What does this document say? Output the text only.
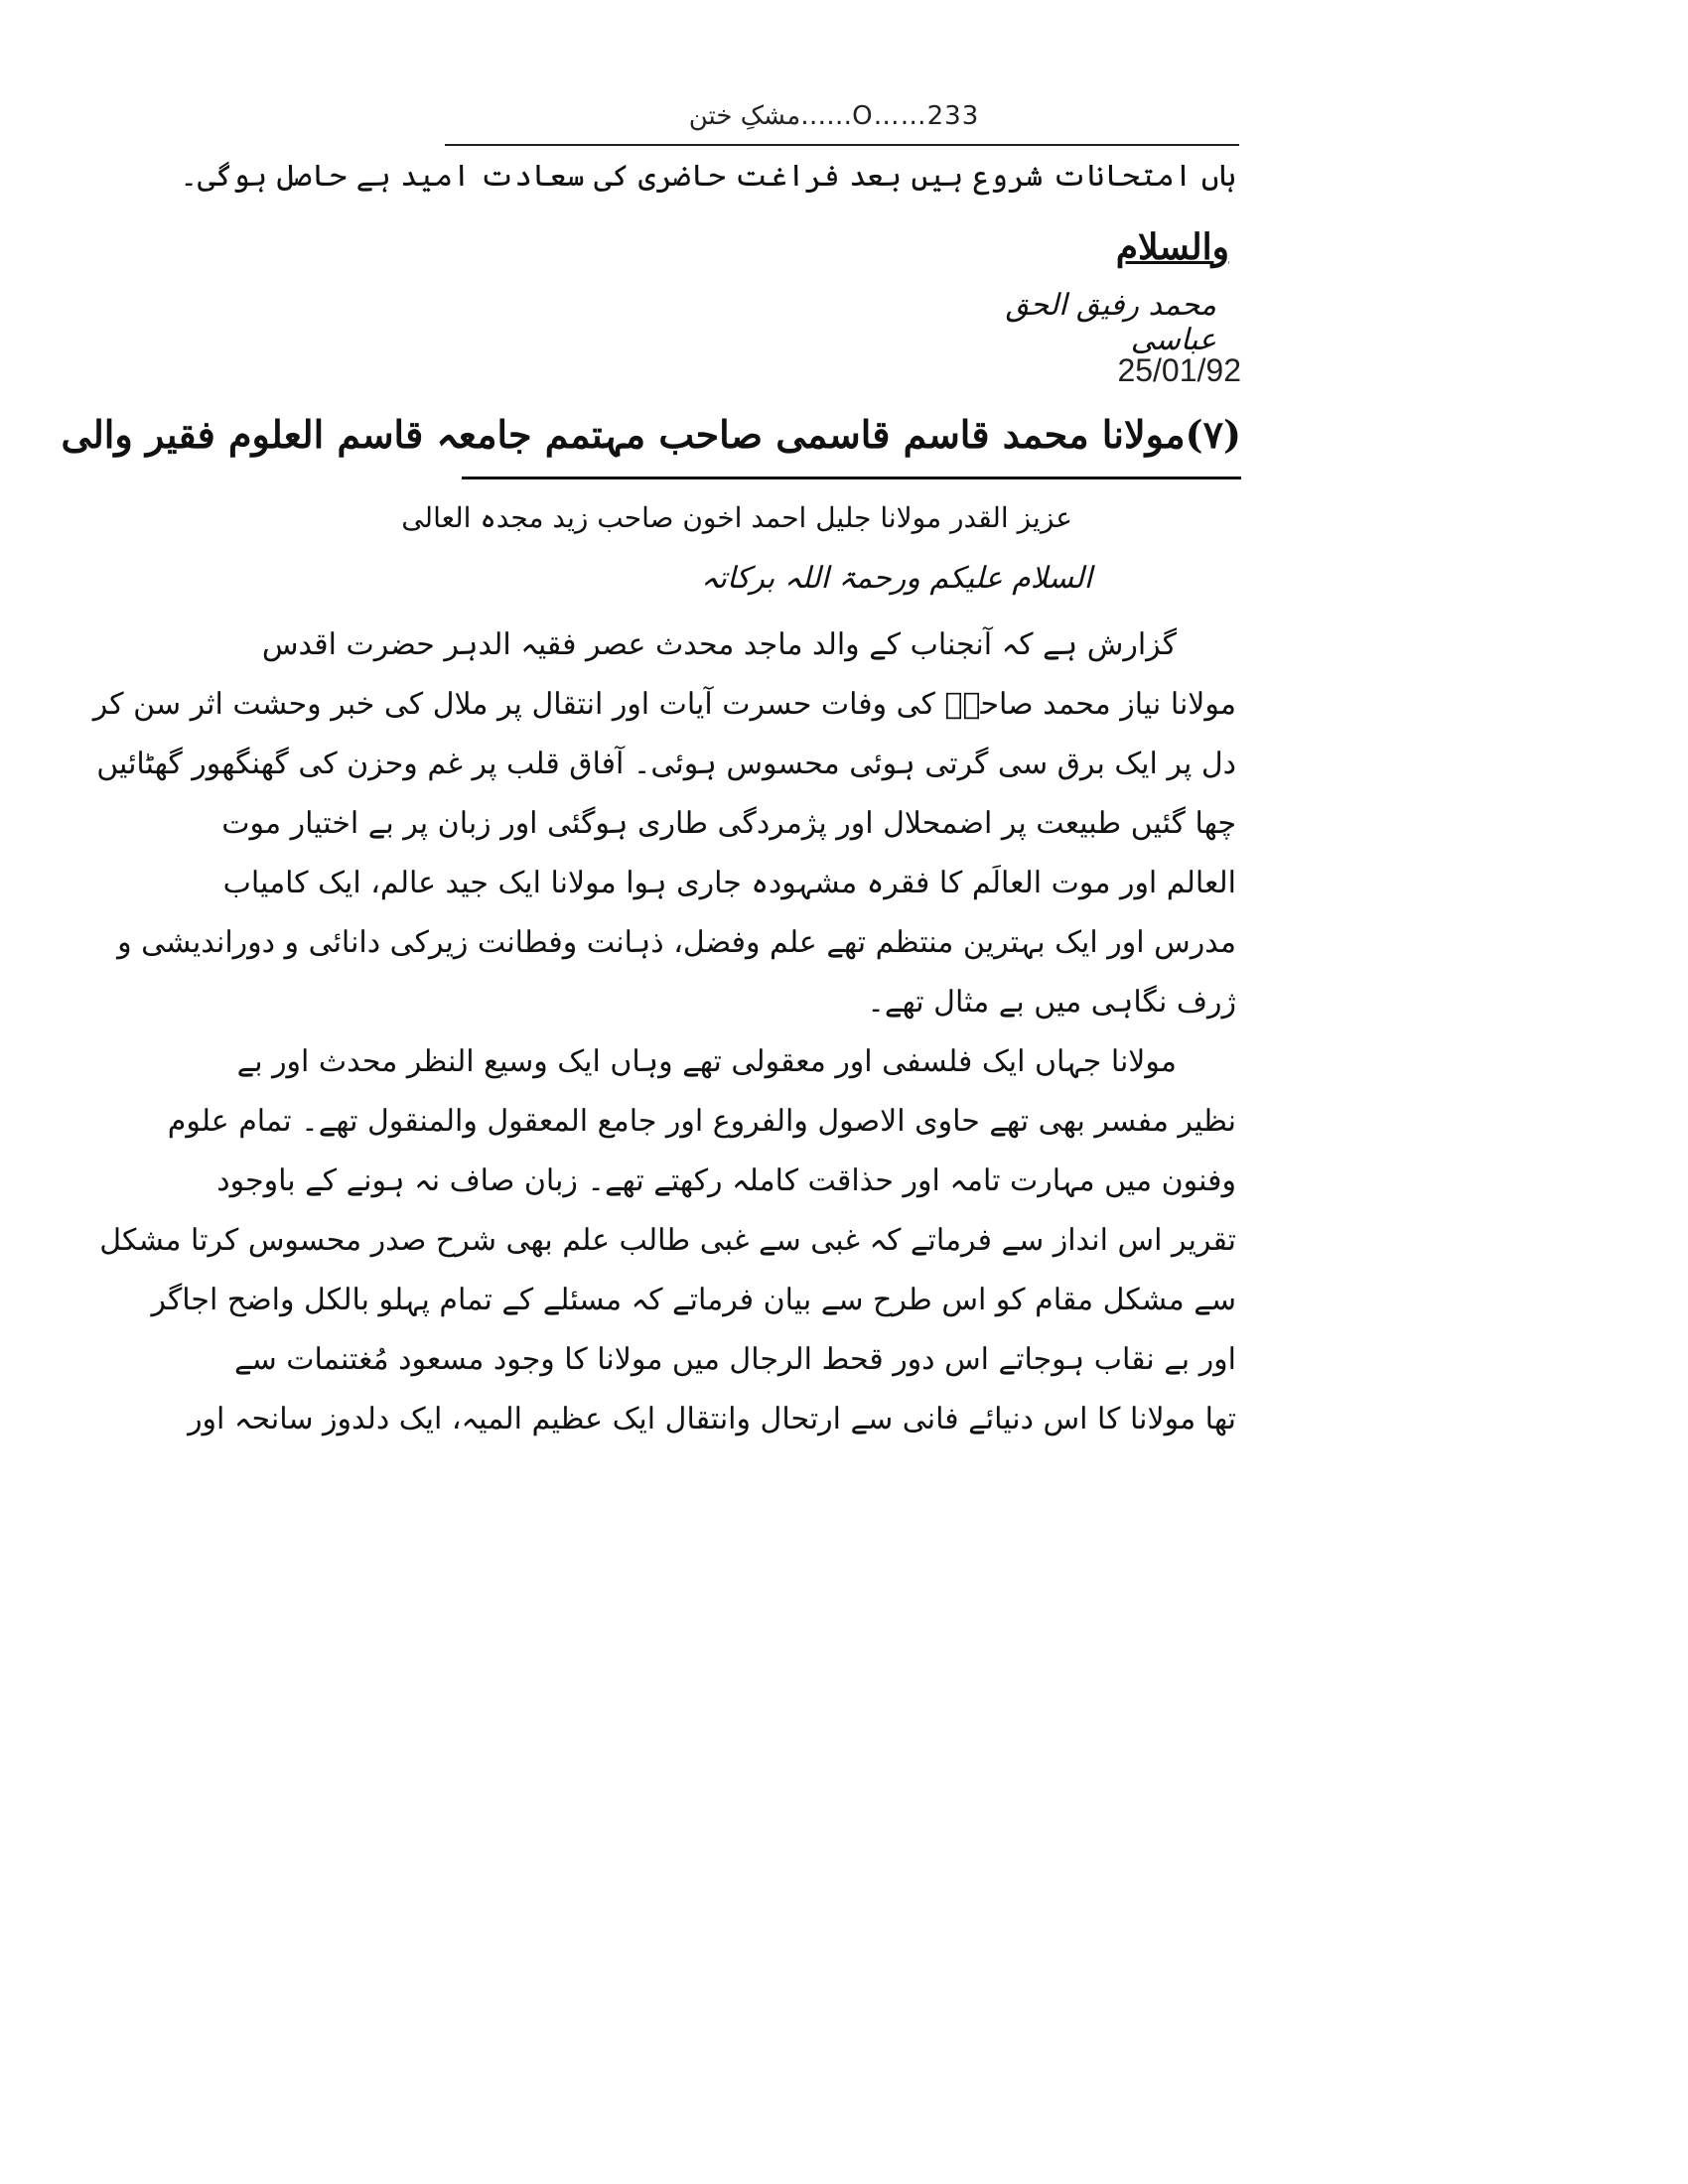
مشکِ ختن……O……233
ہاں امتحانات شروع ہیں بعد فراغت حاضری کی سعادت امید ہے حاصل ہوگی۔
والسلام
محمد رفیق الحق عباسی
25/01/92
(۷)مولانا محمد قاسم قاسمی صاحب مہتمم جامعہ قاسم العلوم فقیر والی
عزیز القدر مولانا جلیل احمد اخون صاحب زید مجدہ العالی
السلام علیکم ورحمۃ اللہ برکاتہ
گزارش ہے کہ آنجناب کے والد ماجد محدث عصر فقیہ الدہر حضرت اقدس
مولانا نیاز محمد صاحبؒ کی وفات حسرت آیات اور انتقال پر ملال کی خبر وحشت اثر سن کر
دل پر ایک برق سی گرتی ہوئی محسوس ہوئی۔ آفاق قلب پر غم وحزن کی گھنگھور گھٹائیں
چھا گئیں طبیعت پر اضمحلال اور پژمردگی طاری ہوگئی اور زبان پر بے اختیار موت
العالم اور موت العالَم کا فقرہ مشہودہ جاری ہوا مولانا ایک جید عالم، ایک کامیاب
مدرس اور ایک بہترین منتظم تھے علم وفضل، ذہانت وفطانت زیرکی دانائی و دوراندیشی و
ژرف نگاہی میں بے مثال تھے۔
مولانا جہاں ایک فلسفی اور معقولی تھے وہاں ایک وسیع النظر محدث اور بے
نظیر مفسر بھی تھے حاوی الاصول والفروع اور جامع المعقول والمنقول تھے۔ تمام علوم
وفنون میں مہارت تامہ اور حذاقت کاملہ رکھتے تھے۔ زبان صاف نہ ہونے کے باوجود
تقریر اس انداز سے فرماتے کہ غبی سے غبی طالب علم بھی شرح صدر محسوس کرتا مشکل
سے مشکل مقام کو اس طرح سے بیان فرماتے کہ مسئلے کے تمام پہلو بالکل واضح اجاگر
اور بے نقاب ہوجاتے اس دور قحط الرجال میں مولانا کا وجود مسعود مُغتنمات سے
تھا مولانا کا اس دنیائے فانی سے ارتحال وانتقال ایک عظیم المیہ، ایک دلدوز سانحہ اور
